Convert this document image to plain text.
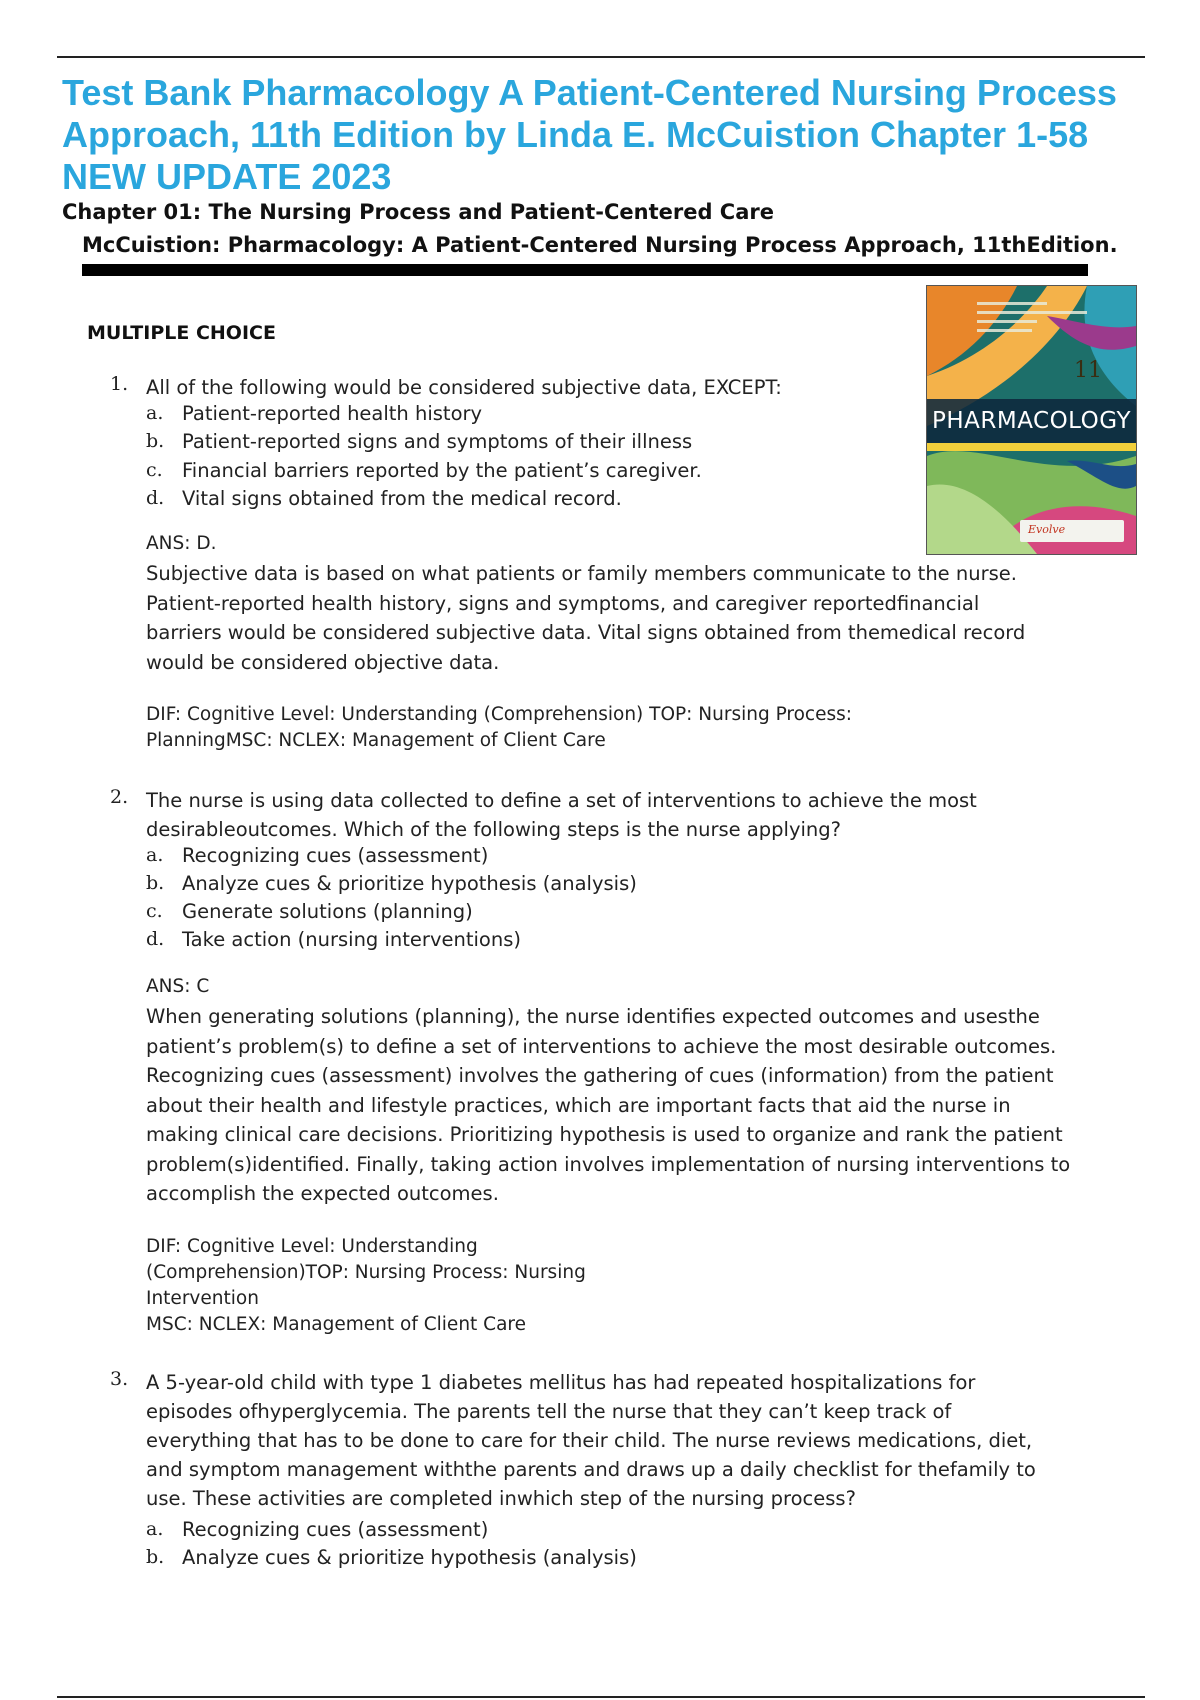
Test Bank Pharmacology A Patient-Centered Nursing Process Approach, 11th Edition by Linda E. McCuistion Chapter 1-58 NEW UPDATE 2023
Chapter 01: The Nursing Process and Patient-Centered Care
McCuistion: Pharmacology: A Patient-Centered Nursing Process Approach, 11thEdition.
11
PHARMACOLOGY
Evolve
MULTIPLE CHOICE
1. All of the following would be considered subjective data, EXCEPT:

a. Patient-reported health history
b. Patient-reported signs and symptoms of their illness
c. Financial barriers reported by the patient’s caregiver.
d. Vital signs obtained from the medical record.
ANS: D.

Subjective data is based on what patients or family members communicate to the nurse. Patient-reported health history, signs and symptoms, and caregiver reportedfinancial barriers would be considered subjective data. Vital signs obtained from themedical record would be considered objective data.

DIF: Cognitive Level: Understanding (Comprehension) TOP: Nursing Process:
PlanningMSC: NCLEX: Management of Client Care
2. The nurse is using data collected to define a set of interventions to achieve the most desirableoutcomes. Which of the following steps is the nurse applying?

a. Recognizing cues (assessment)
b. Analyze cues & prioritize hypothesis (analysis)
c. Generate solutions (planning)
d. Take action (nursing interventions)
ANS: C

When generating solutions (planning), the nurse identifies expected outcomes and usesthe patient’s problem(s) to define a set of interventions to achieve the most desirable outcomes. Recognizing cues (assessment) involves the gathering of cues (information) from the patient about their health and lifestyle practices, which are important facts that aid the nurse in making clinical care decisions. Prioritizing hypothesis is used to organize and rank the patient problem(s)identified. Finally, taking action involves implementation of nursing interventions to accomplish the expected outcomes.

DIF: Cognitive Level: Understanding
(Comprehension)TOP: Nursing Process: Nursing
Intervention
MSC: NCLEX: Management of Client Care
3. A 5-year-old child with type 1 diabetes mellitus has had repeated hospitalizations for episodes ofhyperglycemia. The parents tell the nurse that they can’t keep track of everything that has to be done to care for their child. The nurse reviews medications, diet, and symptom management withthe parents and draws up a daily checklist for thefamily to use. These activities are completed inwhich step of the nursing process?

a. Recognizing cues (assessment)
b. Analyze cues & prioritize hypothesis (analysis)
